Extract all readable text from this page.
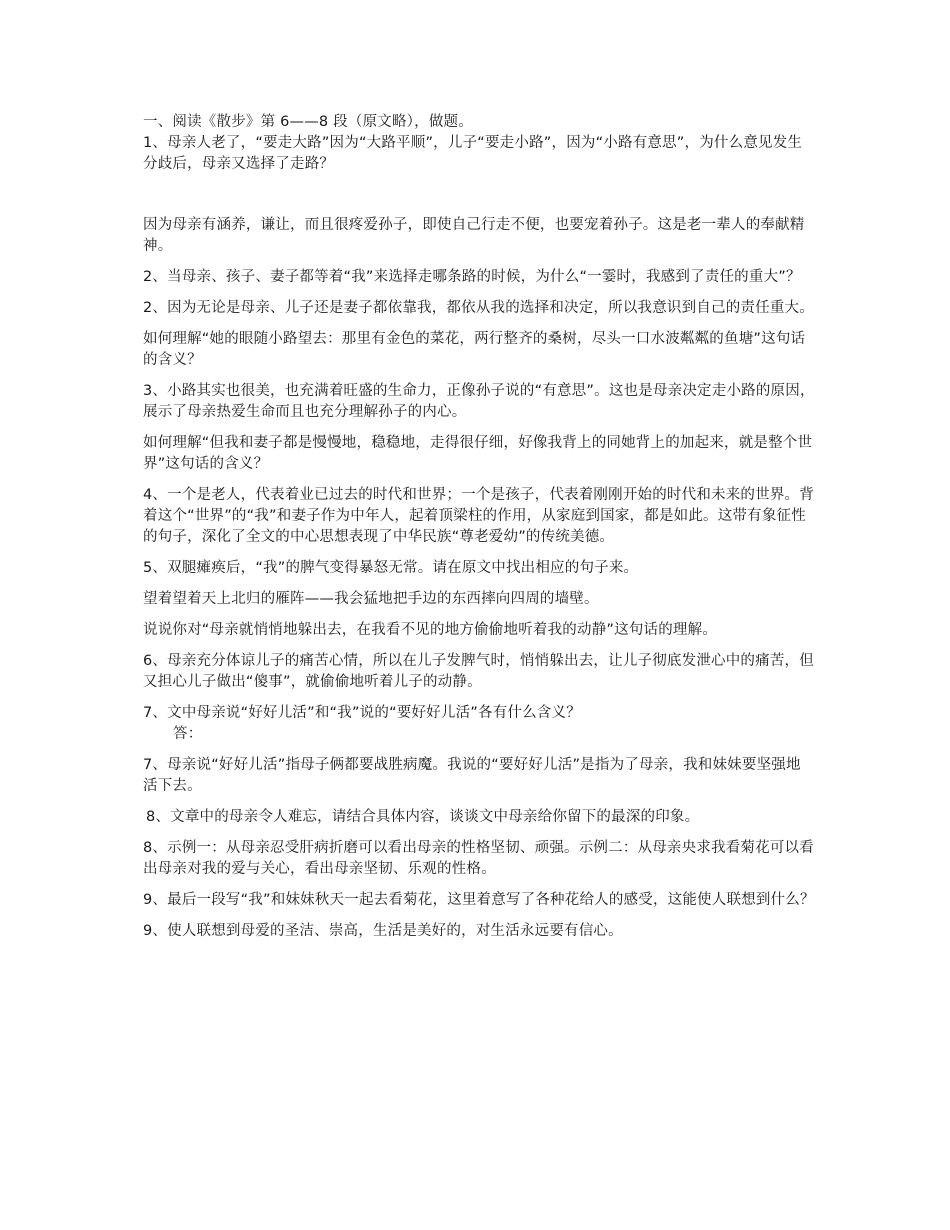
一、阅读《散步》第 6——8 段（原文略），做题。

1、母亲人老了，“要走大路”因为“大路平顺”，儿子“要走小路”，因为“小路有意思”，为什么意见发生分歧后，母亲又选择了走路？

因为母亲有涵养，谦让，而且很疼爱孙子，即使自己行走不便，也要宠着孙子。这是老一辈人的奉献精神。

2、当母亲、孩子、妻子都等着“我”来选择走哪条路的时候，为什么“一霎时，我感到了责任的重大”？

2、因为无论是母亲、儿子还是妻子都依靠我，都依从我的选择和决定，所以我意识到自己的责任重大。

如何理解“她的眼随小路望去：那里有金色的菜花，两行整齐的桑树，尽头一口水波粼粼的鱼塘”这句话的含义？

3、小路其实也很美，也充满着旺盛的生命力，正像孙子说的“有意思”。这也是母亲决定走小路的原因，展示了母亲热爱生命而且也充分理解孙子的内心。

如何理解“但我和妻子都是慢慢地，稳稳地，走得很仔细，好像我背上的同她背上的加起来，就是整个世界”这句话的含义？

4、一个是老人，代表着业已过去的时代和世界；一个是孩子，代表着刚刚开始的时代和未来的世界。背着这个“世界”的“我”和妻子作为中年人，起着顶梁柱的作用，从家庭到国家，都是如此。这带有象征性的句子，深化了全文的中心思想表现了中华民族“尊老爱幼”的传统美德。

5、双腿瘫痪后，“我”的脾气变得暴怒无常。请在原文中找出相应的句子来。

望着望着天上北归的雁阵——我会猛地把手边的东西摔向四周的墙壁。

说说你对“母亲就悄悄地躲出去，在我看不见的地方偷偷地听着我的动静”这句话的理解。

6、母亲充分体谅儿子的痛苦心情，所以在儿子发脾气时，悄悄躲出去，让儿子彻底发泄心中的痛苦，但又担心儿子做出“傻事”，就偷偷地听着儿子的动静。

7、文中母亲说“好好儿活”和“我”说的“要好好儿活”各有什么含义？

答：

7、母亲说“好好儿活”指母子俩都要战胜病魔。我说的“要好好儿活”是指为了母亲，我和妹妹要坚强地活下去。

8、文章中的母亲令人难忘，请结合具体内容，谈谈文中母亲给你留下的最深的印象。

8、示例一：从母亲忍受肝病折磨可以看出母亲的性格坚韧、顽强。示例二：从母亲央求我看菊花可以看出母亲对我的爱与关心，看出母亲坚韧、乐观的性格。

9、最后一段写“我”和妹妹秋天一起去看菊花，这里着意写了各种花给人的感受，这能使人联想到什么？

9、使人联想到母爱的圣洁、崇高，生活是美好的，对生活永远要有信心。
